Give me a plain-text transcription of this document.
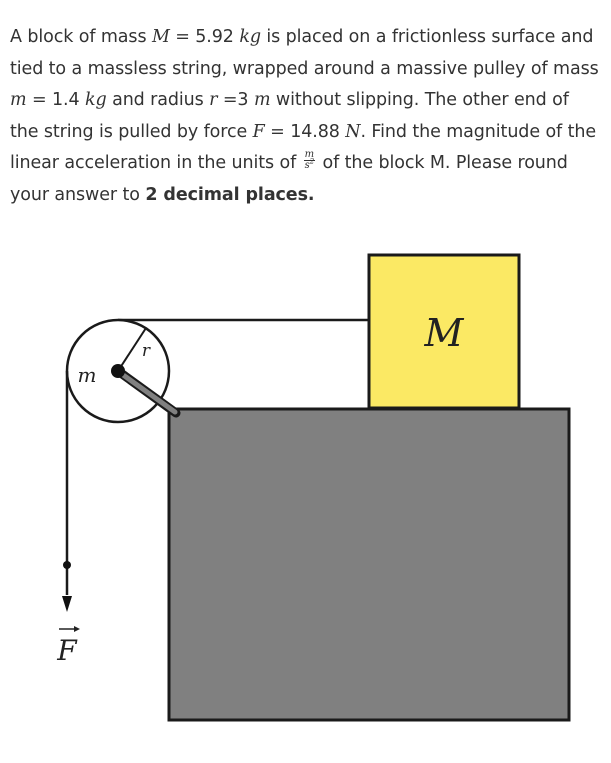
A block of mass M = 5.92 kg is placed on a frictionless surface and tied to a massless string, wrapped around a massive pulley of mass m = 1.4 kg and radius r =3 m without slipping. The other end of the string is pulled by force F = 14.88 N. Find the magnitude of the linear acceleration in the units of $\frac{m}{s^2}$ of the block M. Please round your answer to 2 decimal places.

M
r
m
F
